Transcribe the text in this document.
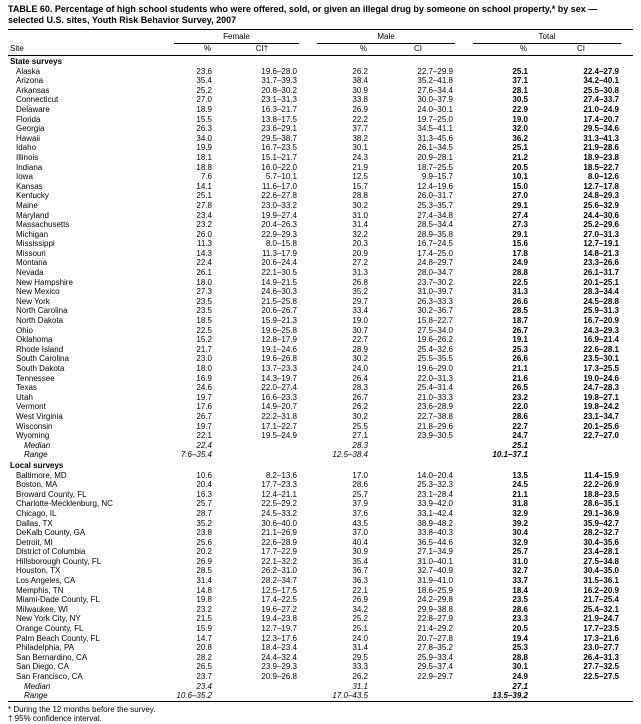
TABLE 60. Percentage of high school students who were offered, sold, or given an illegal drug by someone on school property,* by sex — selected U.S. sites, Youth Risk Behavior Survey, 2007

	Female		Male		Total	

Site	%	CI†	%	CI	%	CI
State surveys						
Alaska	23.6	19.6–28.0	26.2	22.7–29.9	25.1	22.4–27.9
Arizona	35.4	31.7–39.3	38.4	35.2–41.8	37.1	34.2–40.1
Arkansas	25.2	20.8–30.2	30.9	27.6–34.4	28.1	25.5–30.8
Connecticut	27.0	23.1–31.3	33.8	30.0–37.9	30.5	27.4–33.7
Delaware	18.9	16.3–21.7	26.9	24.0–30.1	22.9	21.0–24.9
Florida	15.5	13.8–17.5	22.2	19.7–25.0	19.0	17.4–20.7
Georgia	26.3	23.6–29.1	37.7	34.5–41.1	32.0	29.5–34.6
Hawaii	34.0	29.5–38.7	38.2	31.3–45.6	36.2	31.3–41.3
Idaho	19.9	16.7–23.5	30.1	26.1–34.5	25.1	21.9–28.6
Illinois	18.1	15.1–21.7	24.3	20.9–28.1	21.2	18.9–23.8
Indiana	18.8	16.0–22.0	21.9	18.7–25.5	20.5	18.5–22.7
Iowa	7.6	5.7–10.1	12.5	9.9–15.7	10.1	8.0–12.6
Kansas	14.1	11.6–17.0	15.7	12.4–19.6	15.0	12.7–17.8
Kentucky	25.1	22.6–27.8	28.8	26.0–31.7	27.0	24.8–29.3
Maine	27.8	23.0–33.2	30.2	25.3–35.7	29.1	25.6–32.9
Maryland	23.4	19.9–27.4	31.0	27.4–34.8	27.4	24.4–30.6
Massachusetts	23.2	20.4–26.3	31.4	28.5–34.4	27.3	25.2–29.6
Michigan	26.0	22.9–29.3	32.2	28.9–35.8	29.1	27.0–31.3
Mississippi	11.3	8.0–15.8	20.3	16.7–24.5	15.6	12.7–19.1
Missouri	14.3	11.3–17.9	20.9	17.4–25.0	17.8	14.8–21.3
Montana	22.4	20.6–24.4	27.2	24.8–29.7	24.9	23.3–26.6
Nevada	26.1	22.1–30.5	31.3	28.0–34.7	28.8	26.1–31.7
New Hampshire	18.0	14.9–21.5	26.8	23.7–30.2	22.5	20.1–25.1
New Mexico	27.3	24.6–30.3	35.2	31.0–39.7	31.3	28.3–34.4
New York	23.5	21.5–25.8	29.7	26.3–33.3	26.6	24.5–28.8
North Carolina	23.5	20.6–26.7	33.4	30.2–36.7	28.5	25.9–31.3
North Dakota	18.5	15.9–21.3	19.0	15.8–22.7	18.7	16.7–20.9
Ohio	22.5	19.6–25.8	30.7	27.5–34.0	26.7	24.3–29.3
Oklahoma	15.2	12.8–17.9	22.7	19.6–26.2	19.1	16.9–21.4
Rhode Island	21.7	19.1–24.6	28.9	25.4–32.6	25.3	22.6–28.1
South Carolina	23.0	19.6–26.8	30.2	25.5–35.5	26.6	23.5–30.1
South Dakota	18.0	13.7–23.3	24.0	19.6–29.0	21.1	17.3–25.5
Tennessee	16.9	14.3–19.7	26.4	22.0–31.3	21.6	19.0–24.6
Texas	24.6	22.0–27.4	28.3	25.4–31.4	26.5	24.7–28.3
Utah	19.7	16.6–23.3	26.7	21.0–33.3	23.2	19.8–27.1
Vermont	17.6	14.9–20.7	26.2	23.6–28.9	22.0	19.8–24.2
West Virginia	26.7	22.2–31.8	30.2	22.7–38.8	28.6	23.1–34.7
Wisconsin	19.7	17.1–22.7	25.5	21.8–29.6	22.7	20.1–25.6
Wyoming	22.1	19.5–24.9	27.1	23.9–30.5	24.7	22.7–27.0
Median	22.4		28.3		25.1	
Range	7.6–35.4		12.5–38.4		10.1–37.1	
Local surveys						
Baltimore, MD	10.6	8.2–13.6	17.0	14.0–20.4	13.5	11.4–15.9
Boston, MA	20.4	17.7–23.3	28.6	25.3–32.3	24.5	22.2–26.9
Broward County, FL	16.3	12.4–21.1	25.7	23.1–28.4	21.1	18.8–23.5
Charlotte-Mecklenburg, NC	25.7	22.5–29.2	37.9	33.9–42.0	31.8	28.6–35.1
Chicago, IL	28.7	24.5–33.2	37.6	33.1–42.4	32.9	29.1–36.9
Dallas, TX	35.2	30.6–40.0	43.5	38.9–48.2	39.2	35.9–42.7
DeKalb County, GA	23.8	21.1–26.9	37.0	33.8–40.3	30.4	28.2–32.7
Detroit, MI	25.6	22.6–28.9	40.4	36.5–44.6	32.9	30.4–35.6
District of Columbia	20.2	17.7–22.9	30.9	27.1–34.9	25.7	23.4–28.1
Hillsborough County, FL	26.9	22.1–32.2	35.4	31.0–40.1	31.0	27.5–34.8
Houston, TX	28.5	26.2–31.0	36.7	32.7–40.9	32.7	30.4–35.0
Los Angeles, CA	31.4	28.2–34.7	36.3	31.9–41.0	33.7	31.5–36.1
Memphis, TN	14.8	12.5–17.5	22.1	18.6–25.9	18.4	16.2–20.9
Miami-Dade County, FL	19.8	17.4–22.5	26.9	24.2–29.8	23.5	21.7–25.4
Milwaukee, WI	23.2	19.6–27.2	34.2	29.9–38.8	28.6	25.4–32.1
New York City, NY	21.5	19.4–23.8	25.2	22.8–27.9	23.3	21.9–24.7
Orange County, FL	15.9	12.7–19.7	25.1	21.4–29.2	20.5	17.7–23.5
Palm Beach County, FL	14.7	12.3–17.6	24.0	20.7–27.8	19.4	17.3–21.6
Philadelphia, PA	20.8	18.4–23.4	31.4	27.8–35.2	25.3	23.0–27.7
San Bernardino, CA	28.2	24.4–32.4	29.5	25.9–33.4	28.8	26.4–31.3
San Diego, CA	26.5	23.9–29.3	33.3	29.5–37.4	30.1	27.7–32.5
San Francisco, CA	23.7	20.9–26.8	26.2	22.9–29.7	24.9	22.5–27.5
Median	23.4		31.1		27.1	
Range	10.6–35.2		17.0–43.5		13.5–39.2	
* During the 12 months before the survey.
† 95% confidence interval.
